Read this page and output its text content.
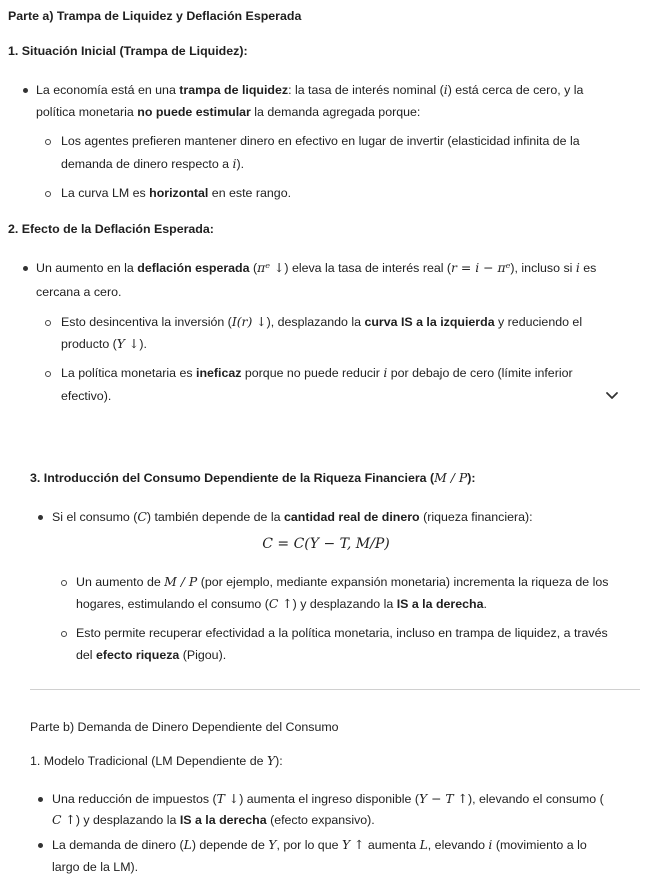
Parte a) Trampa de Liquidez y Deflación Esperada
1. Situación Inicial (Trampa de Liquidez):
La economía está en una trampa de liquidez: la tasa de interés nominal (i) está cerca de cero, y la
política monetaria no puede estimular la demanda agregada porque:
Los agentes prefieren mantener dinero en efectivo en lugar de invertir (elasticidad infinita de la
demanda de dinero respecto a i).
La curva LM es horizontal en este rango.
2. Efecto de la Deflación Esperada:
Un aumento en la deflación esperada (πᵉ ↓) eleva la tasa de interés real (r = i − πᵉ), incluso si i es
cercana a cero.
Esto desincentiva la inversión (I(r) ↓), desplazando la curva IS a la izquierda y reduciendo el
producto (Y ↓).
La política monetaria es ineficaz porque no puede reducir i por debajo de cero (límite inferior
efectivo).
3. Introducción del Consumo Dependiente de la Riqueza Financiera (M / P):
Si el consumo (C) también depende de la cantidad real de dinero (riqueza financiera):
C = C(Y − T, M/P)
Un aumento de M / P (por ejemplo, mediante expansión monetaria) incrementa la riqueza de los
hogares, estimulando el consumo (C ↑) y desplazando la IS a la derecha.
Esto permite recuperar efectividad a la política monetaria, incluso en trampa de liquidez, a través
del efecto riqueza (Pigou).
Parte b) Demanda de Dinero Dependiente del Consumo
1. Modelo Tradicional (LM Dependiente de Y):
Una reducción de impuestos (T ↓) aumenta el ingreso disponible (Y − T ↑), elevando el consumo (
C ↑) y desplazando la IS a la derecha (efecto expansivo).
La demanda de dinero (L) depende de Y, por lo que Y ↑ aumenta L, elevando i (movimiento a lo
largo de la LM).
